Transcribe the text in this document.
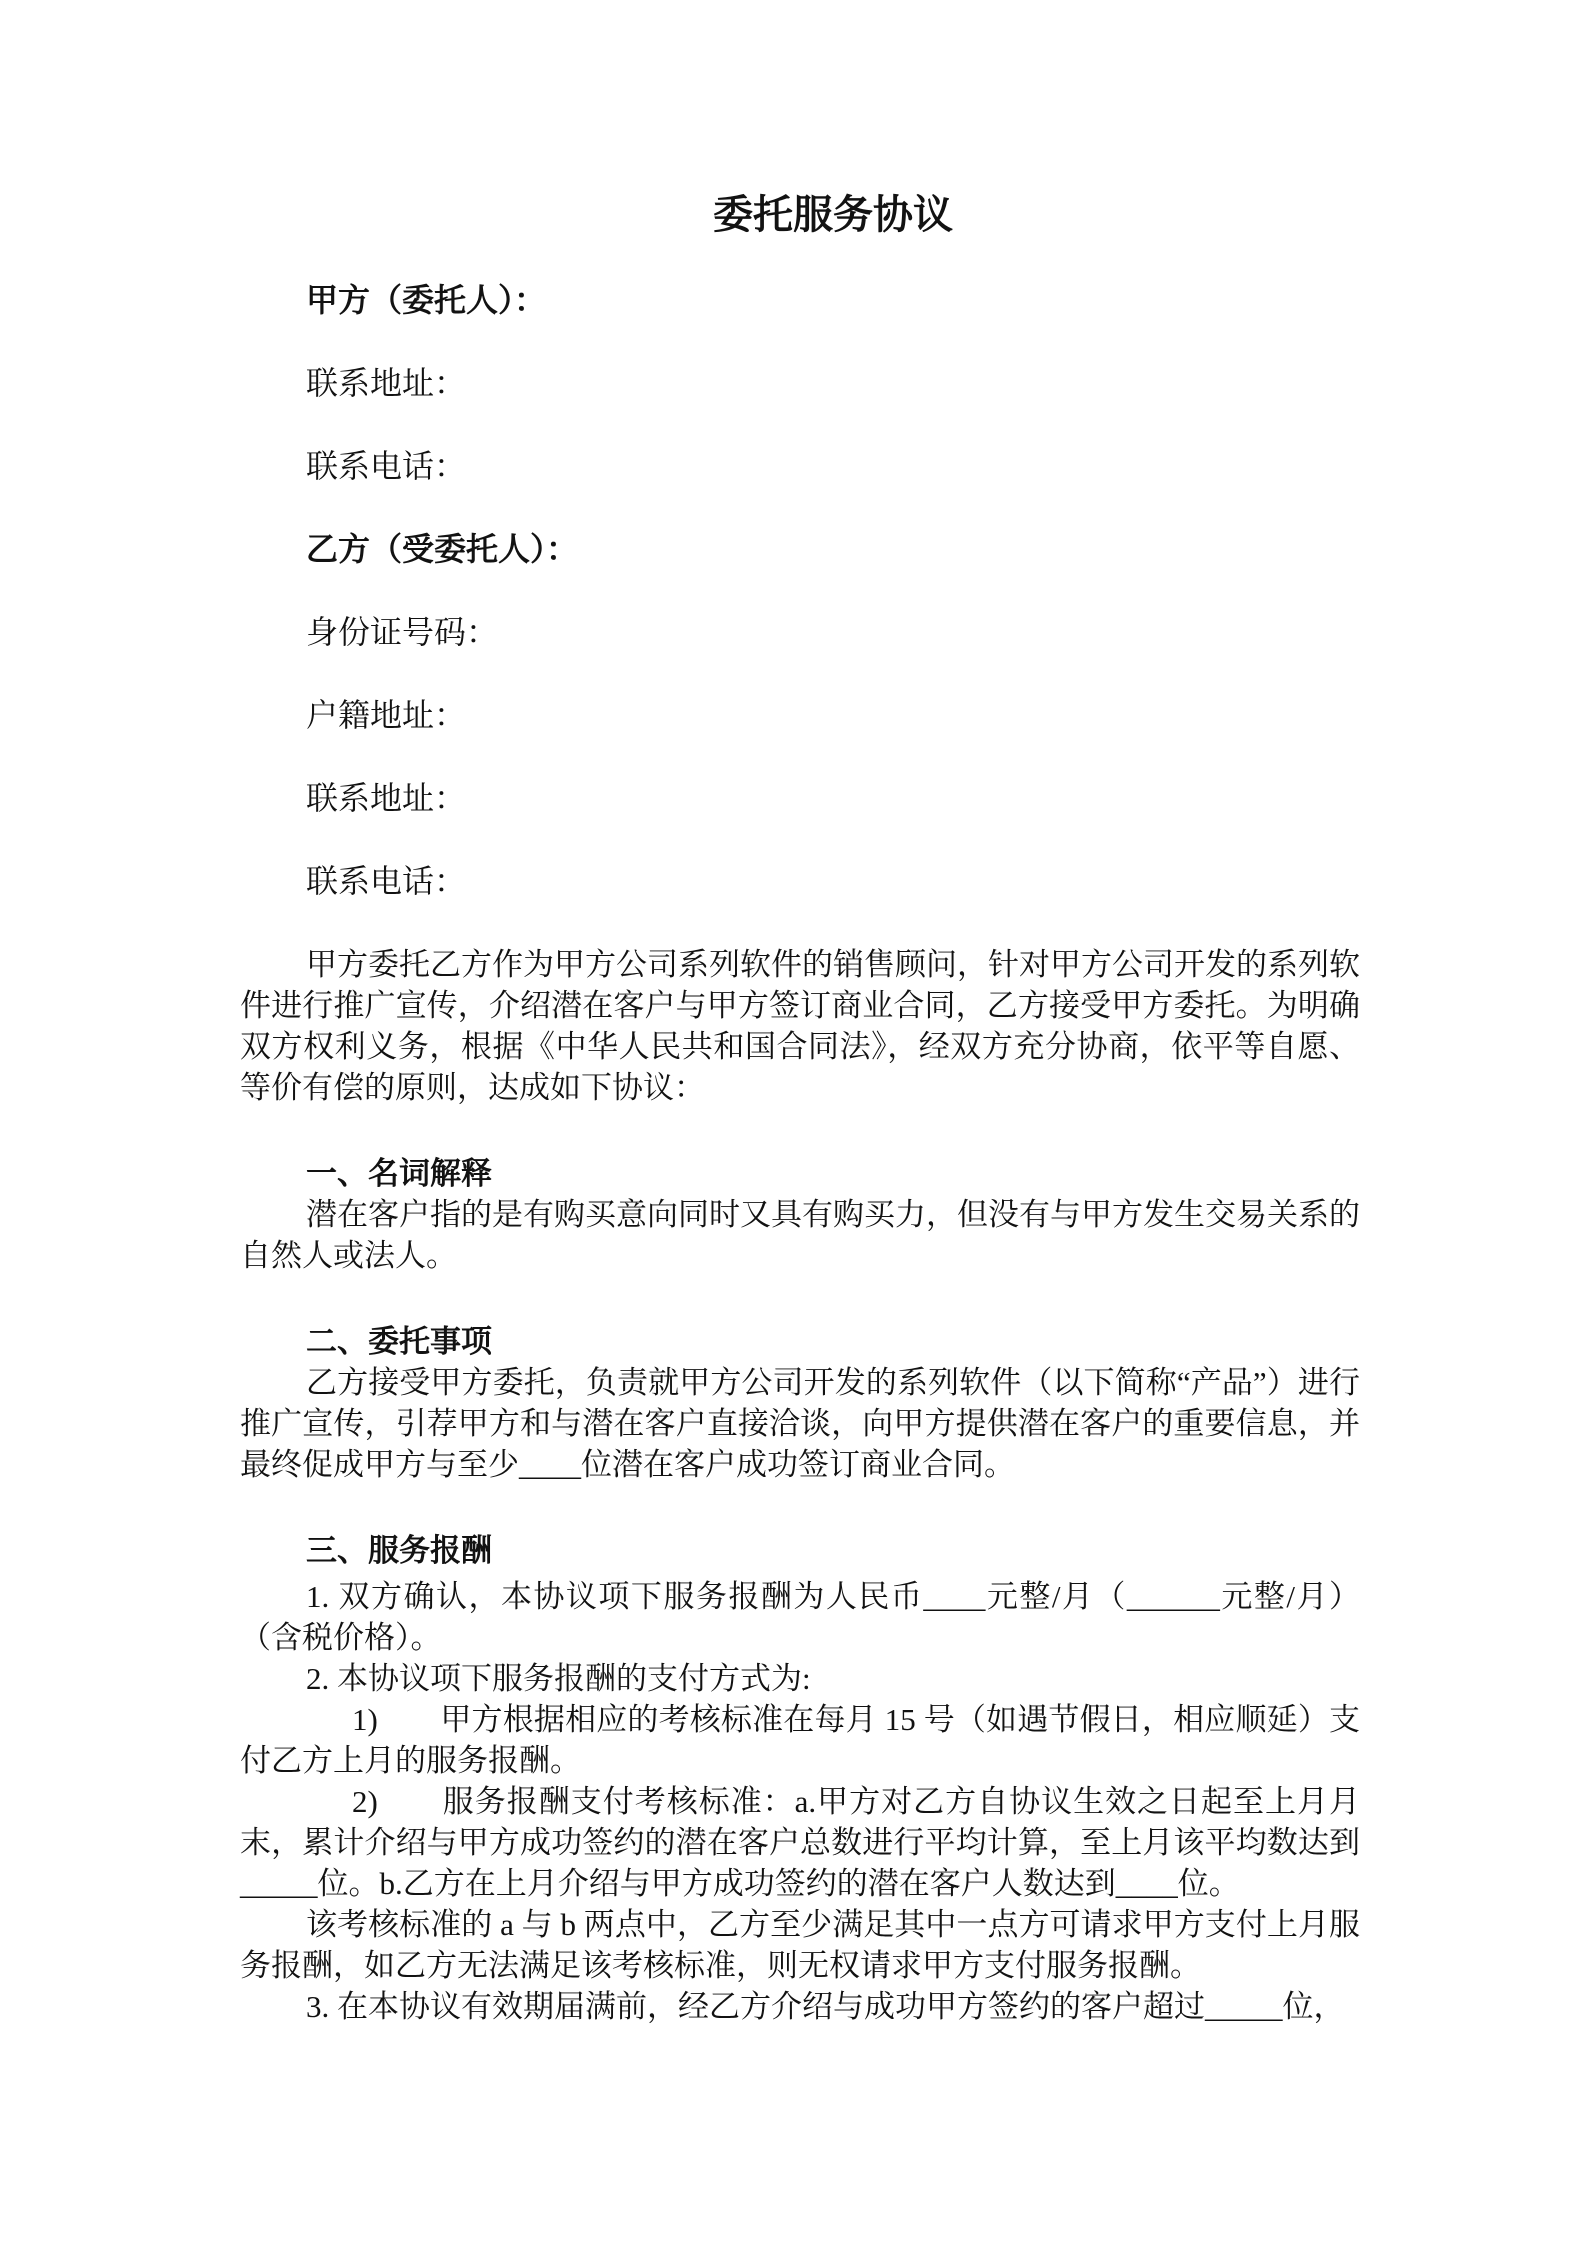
委托服务协议

甲方（委托人）：

联系地址：

联系电话：

乙方（受委托人）：

身份证号码：

户籍地址：

联系地址：

联系电话：

甲方委托乙方作为甲方公司系列软件的销售顾问，针对甲方公司开发的系列软件进行推广宣传，介绍潜在客户与甲方签订商业合同，乙方接受甲方委托。为明确双方权利义务，根据《中华人民共和国合同法》，经双方充分协商，依平等自愿、等价有偿的原则，达成如下协议：

一、名词解释

潜在客户指的是有购买意向同时又具有购买力，但没有与甲方发生交易关系的自然人或法人。

二、委托事项

乙方接受甲方委托，负责就甲方公司开发的系列软件（以下简称“产品”）进行推广宣传，引荐甲方和与潜在客户直接洽谈，向甲方提供潜在客户的重要信息，并最终促成甲方与至少____位潜在客户成功签订商业合同。

三、服务报酬

1. 双方确认，本协议项下服务报酬为人民币____元整/月（______元整/月）（含税价格）。

2. 本协议项下服务报酬的支付方式为:

1)　　甲方根据相应的考核标准在每月 15 号（如遇节假日，相应顺延）支付乙方上月的服务报酬。

2)　　服务报酬支付考核标准：a.甲方对乙方自协议生效之日起至上月月末，累计介绍与甲方成功签约的潜在客户总数进行平均计算，至上月该平均数达到_____位。b.乙方在上月介绍与甲方成功签约的潜在客户人数达到____位。

该考核标准的 a 与 b 两点中，乙方至少满足其中一点方可请求甲方支付上月服务报酬，如乙方无法满足该考核标准，则无权请求甲方支付服务报酬。

3. 在本协议有效期届满前，经乙方介绍与成功甲方签约的客户超过_____位，
